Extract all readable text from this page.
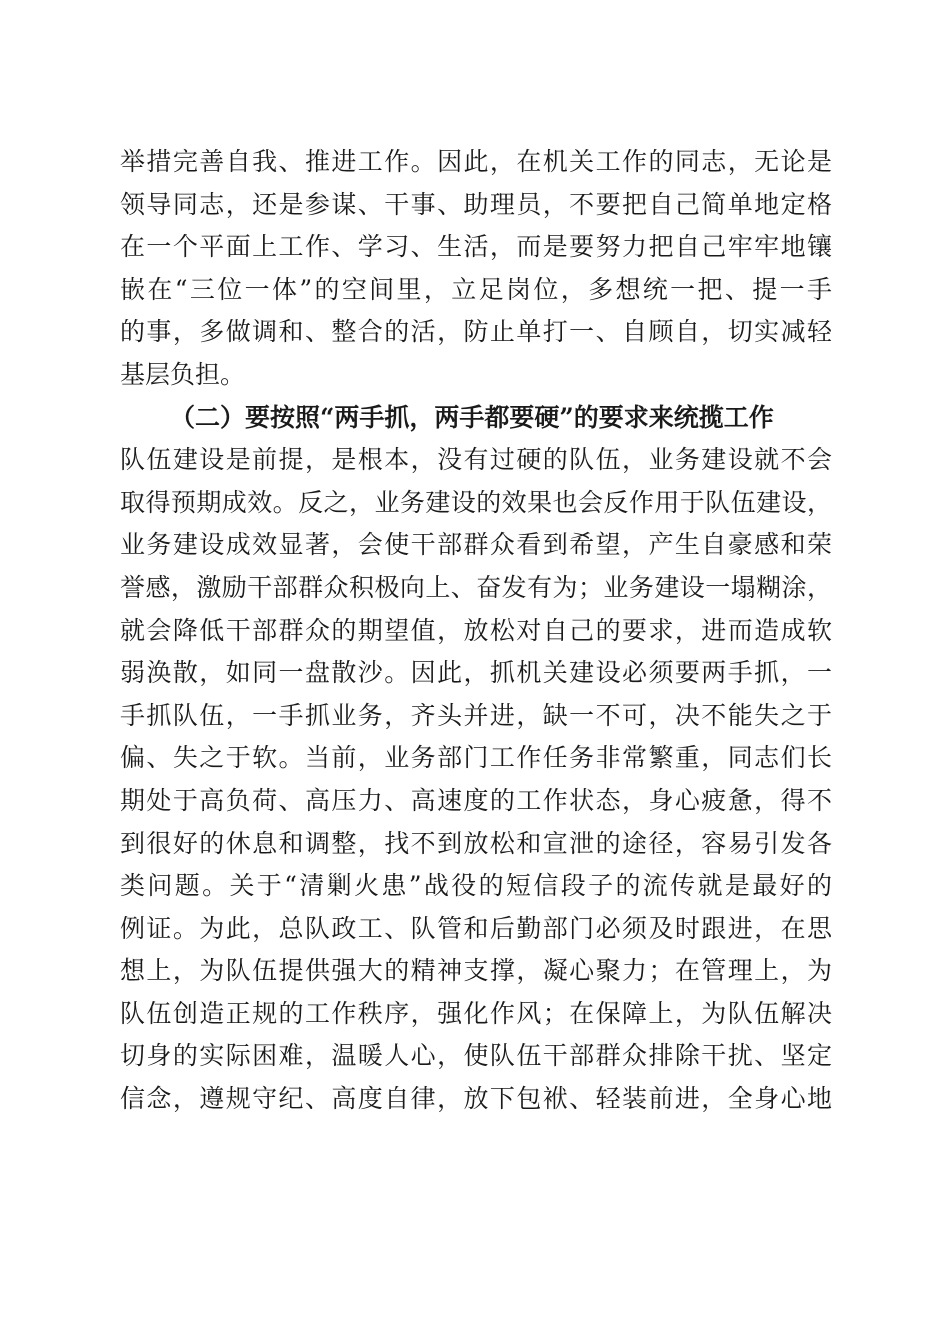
举措完善自我、推进工作。因此，在机关工作的同志，无论是
领导同志，还是参谋、干事、助理员，不要把自己简单地定格
在一个平面上工作、学习、生活，而是要努力把自己牢牢地镶
嵌在“三位一体”的空间里，立足岗位，多想统一把、提一手
的事，多做调和、整合的活，防止单打一、自顾自，切实减轻
基层负担。
（二）要按照“两手抓，两手都要硬”的要求来统揽工作
队伍建设是前提，是根本，没有过硬的队伍，业务建设就不会
取得预期成效。反之，业务建设的效果也会反作用于队伍建设，
业务建设成效显著，会使干部群众看到希望，产生自豪感和荣
誉感，激励干部群众积极向上、奋发有为；业务建设一塌糊涂，
就会降低干部群众的期望值，放松对自己的要求，进而造成软
弱涣散，如同一盘散沙。因此，抓机关建设必须要两手抓，一
手抓队伍，一手抓业务，齐头并进，缺一不可，决不能失之于
偏、失之于软。当前，业务部门工作任务非常繁重，同志们长
期处于高负荷、高压力、高速度的工作状态，身心疲惫，得不
到很好的休息和调整，找不到放松和宣泄的途径，容易引发各
类问题。关于“清剿火患”战役的短信段子的流传就是最好的
例证。为此，总队政工、队管和后勤部门必须及时跟进，在思
想上，为队伍提供强大的精神支撑，凝心聚力；在管理上，为
队伍创造正规的工作秩序，强化作风；在保障上，为队伍解决
切身的实际困难，温暖人心，使队伍干部群众排除干扰、坚定
信念，遵规守纪、高度自律，放下包袱、轻装前进，全身心地
